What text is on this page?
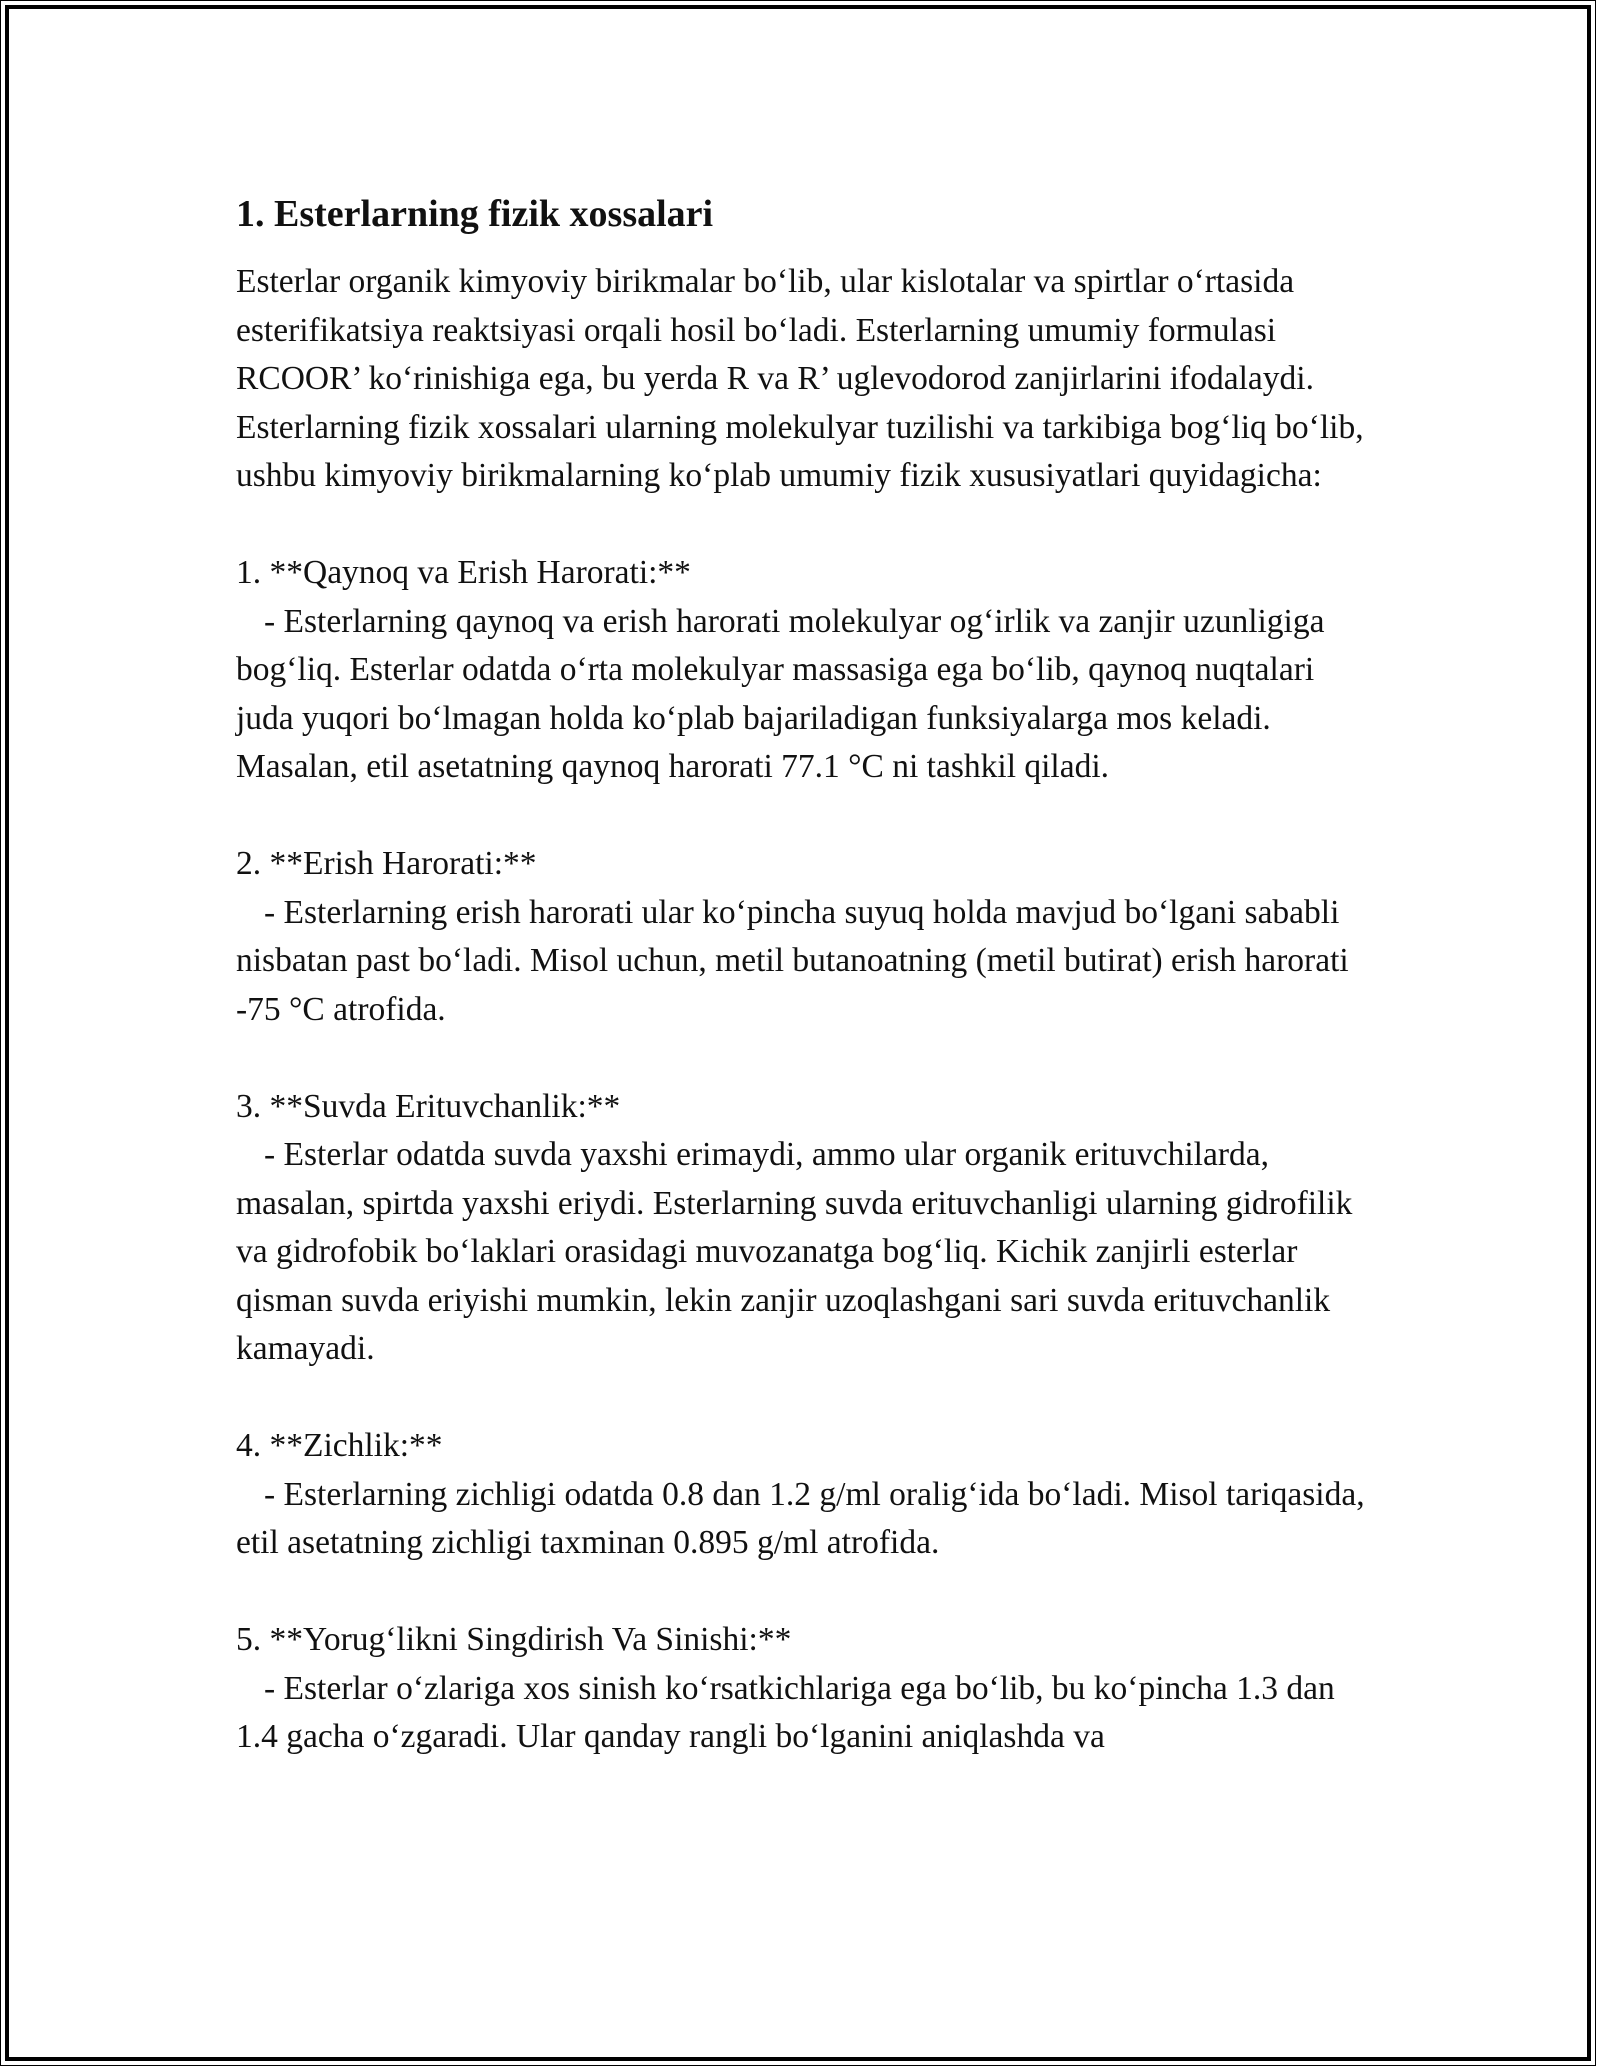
1. Esterlarning fizik xossalari

Esterlar organik kimyoviy birikmalar bo‘lib, ular kislotalar va spirtlar o‘rtasida esterifikatsiya reaktsiyasi orqali hosil bo‘ladi. Esterlarning umumiy formulasi RCOOR’ ko‘rinishiga ega, bu yerda R va R’ uglevodorod zanjirlarini ifodalaydi. Esterlarning fizik xossalari ularning molekulyar tuzilishi va tarkibiga bog‘liq bo‘lib, ushbu kimyoviy birikmalarning ko‘plab umumiy fizik xususiyatlari quyidagicha:

1. **Qaynoq va Erish Harorati:**

- Esterlarning qaynoq va erish harorati molekulyar og‘irlik va zanjir uzunligiga bog‘liq. Esterlar odatda o‘rta molekulyar massasiga ega bo‘lib, qaynoq nuqtalari juda yuqori bo‘lmagan holda ko‘plab bajariladigan funksiyalarga mos keladi. Masalan, etil asetatning qaynoq harorati 77.1 °C ni tashkil qiladi.

2. **Erish Harorati:**

- Esterlarning erish harorati ular ko‘pincha suyuq holda mavjud bo‘lgani sababli nisbatan past bo‘ladi. Misol uchun, metil butanoatning (metil butirat) erish harorati -75 °C atrofida.

3. **Suvda Erituvchanlik:**

- Esterlar odatda suvda yaxshi erimaydi, ammo ular organik erituvchilarda, masalan, spirtda yaxshi eriydi. Esterlarning suvda erituvchanligi ularning gidrofilik va gidrofobik bo‘laklari orasidagi muvozanatga bog‘liq. Kichik zanjirli esterlar qisman suvda eriyishi mumkin, lekin zanjir uzoqlashgani sari suvda erituvchanlik kamayadi.

4. **Zichlik:**

- Esterlarning zichligi odatda 0.8 dan 1.2 g/ml oralig‘ida bo‘ladi. Misol tariqasida, etil asetatning zichligi taxminan 0.895 g/ml atrofida.

5. **Yorug‘likni Singdirish Va Sinishi:**

- Esterlar o‘zlariga xos sinish ko‘rsatkichlariga ega bo‘lib, bu ko‘pincha 1.3 dan 1.4 gacha o‘zgaradi. Ular qanday rangli bo‘lganini aniqlashda va
